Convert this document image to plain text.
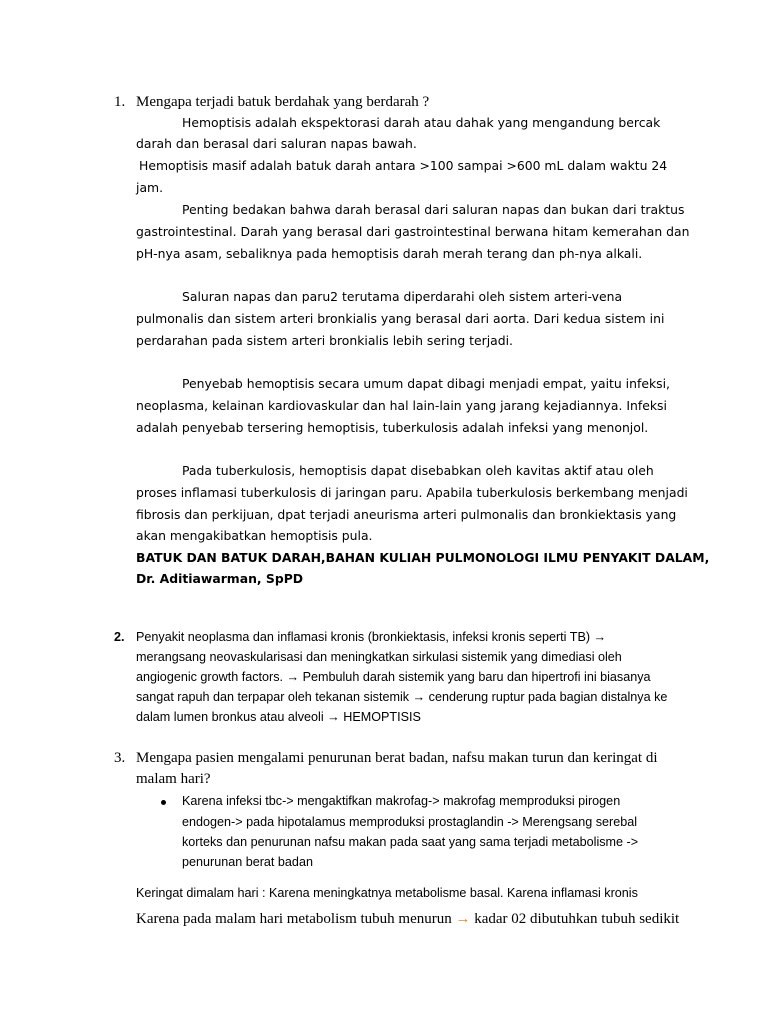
1. Mengapa terjadi batuk berdahak yang berdarah ?
Hemoptisis adalah ekspektorasi darah atau dahak yang mengandung bercak
darah dan berasal dari saluran napas bawah.
Hemoptisis masif adalah batuk darah antara >100 sampai >600 mL dalam waktu 24
jam.
Penting bedakan bahwa darah berasal dari saluran napas dan bukan dari traktus
gastrointestinal. Darah yang berasal dari gastrointestinal berwana hitam kemerahan dan
pH-nya asam, sebaliknya pada hemoptisis darah merah terang dan ph-nya alkali.
Saluran napas dan paru2 terutama diperdarahi oleh sistem arteri-vena
pulmonalis dan sistem arteri bronkialis yang berasal dari aorta. Dari kedua sistem ini
perdarahan pada sistem arteri bronkialis lebih sering terjadi.
Penyebab hemoptisis secara umum dapat dibagi menjadi empat, yaitu infeksi,
neoplasma, kelainan kardiovaskular dan hal lain-lain yang jarang kejadiannya. Infeksi
adalah penyebab tersering hemoptisis, tuberkulosis adalah infeksi yang menonjol.
Pada tuberkulosis, hemoptisis dapat disebabkan oleh kavitas aktif atau oleh
proses inflamasi tuberkulosis di jaringan paru. Apabila tuberkulosis berkembang menjadi
fibrosis dan perkijuan, dpat terjadi aneurisma arteri pulmonalis dan bronkiektasis yang
akan mengakibatkan hemoptisis pula.
BATUK DAN BATUK DARAH,BAHAN KULIAH PULMONOLOGI ILMU PENYAKIT DALAM,
Dr. Aditiawarman, SpPD
2. Penyakit neoplasma dan inflamasi kronis (bronkiektasis, infeksi kronis seperti TB) →
merangsang neovaskularisasi dan meningkatkan sirkulasi sistemik yang dimediasi oleh
angiogenic growth factors. → Pembuluh darah sistemik yang baru dan hipertrofi ini biasanya
sangat rapuh dan terpapar oleh tekanan sistemik → cenderung ruptur pada bagian distalnya ke
dalam lumen bronkus atau alveoli → HEMOPTISIS
3. Mengapa pasien mengalami penurunan berat badan, nafsu makan turun dan keringat di
malam hari?
Karena infeksi tbc-> mengaktifkan makrofag-> makrofag memproduksi pirogen
endogen-> pada hipotalamus memproduksi prostaglandin -> Merengsang serebal
korteks dan penurunan nafsu makan pada saat yang sama terjadi metabolisme ->
penurunan berat badan
Keringat dimalam hari : Karena meningkatnya metabolisme basal. Karena inflamasi kronis
Karena pada malam hari metabolism tubuh menurun → kadar 02 dibutuhkan tubuh sedikit
